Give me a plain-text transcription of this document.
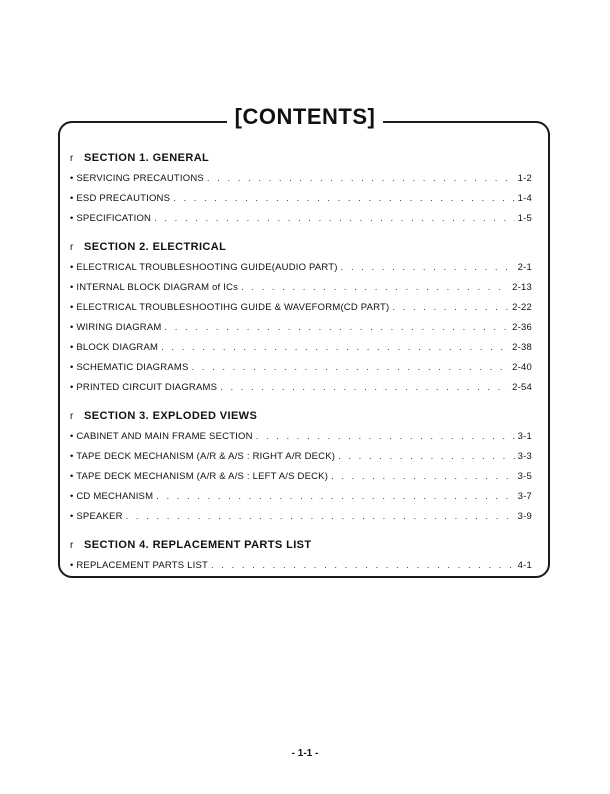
[CONTENTS]
r SECTION 1. GENERAL
• SERVICING PRECAUTIONS . . .	1-2
• ESD PRECAUTIONS . . .	1-4
• SPECIFICATION . . .	1-5
r SECTION 2. ELECTRICAL
• ELECTRICAL TROUBLESHOOTING GUIDE(AUDIO PART) . . .	2-1
• INTERNAL BLOCK DIAGRAM of ICs . . .	2-13
• ELECTRICAL TROUBLESHOOTIHG GUIDE & WAVEFORM(CD PART) . . .	2-22
• WIRING DIAGRAM . . .	2-36
• BLOCK DIAGRAM . . .	2-38
• SCHEMATIC DIAGRAMS . . .	2-40
• PRINTED CIRCUIT DIAGRAMS . . .	2-54
r SECTION 3. EXPLODED VIEWS
• CABINET AND MAIN FRAME SECTION . . .	3-1
• TAPE DECK MECHANISM (A/R & A/S : RIGHT A/R DECK) . . .	3-3
• TAPE DECK MECHANISM (A/R & A/S : LEFT A/S DECK) . . .	3-5
• CD MECHANISM . . .	3-7
• SPEAKER . . .	3-9
r SECTION 4. REPLACEMENT PARTS LIST
• REPLACEMENT PARTS LIST . . .	4-1
- 1-1 -
